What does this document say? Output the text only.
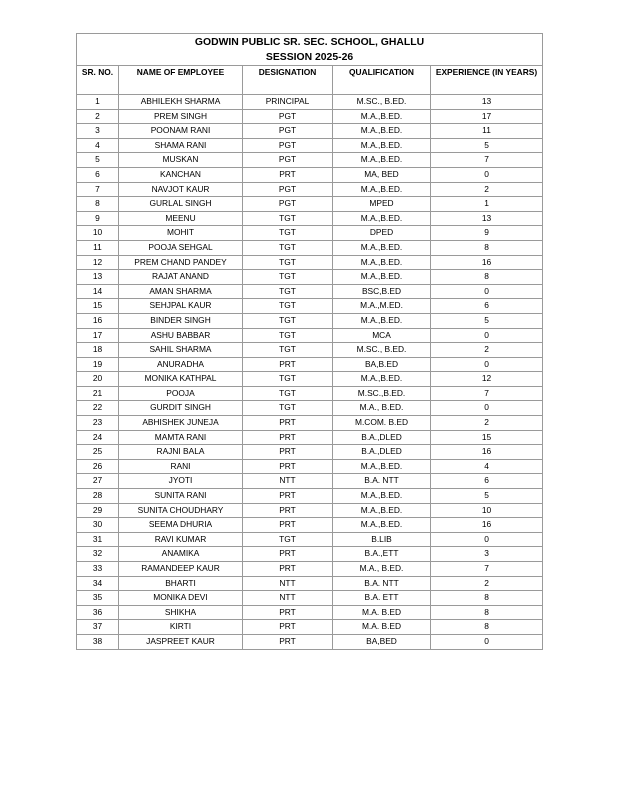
GODWIN PUBLIC SR. SEC. SCHOOL, GHALLU
SESSION 2025-26				

SR. NO.	NAME OF EMPLOYEE	DESIGNATION	QUALIFICATION	EXPERIENCE (IN YEARS)
1	ABHILEKH SHARMA	PRINCIPAL	M.SC., B.ED.	13
2	PREM SINGH	PGT	M.A.,B.ED.	17
3	POONAM RANI	PGT	M.A.,B.ED.	11
4	SHAMA RANI	PGT	M.A.,B.ED.	5
5	MUSKAN	PGT	M.A.,B.ED.	7
6	KANCHAN	PRT	MA, BED	0
7	NAVJOT KAUR	PGT	M.A.,B.ED.	2
8	GURLAL SINGH	PGT	MPED	1
9	MEENU	TGT	M.A.,B.ED.	13
10	MOHIT	TGT	DPED	9
11	POOJA SEHGAL	TGT	M.A.,B.ED.	8
12	PREM CHAND PANDEY	TGT	M.A.,B.ED.	16
13	RAJAT ANAND	TGT	M.A.,B.ED.	8
14	AMAN SHARMA	TGT	BSC,B.ED	0
15	SEHJPAL KAUR	TGT	M.A.,M.ED.	6
16	BINDER SINGH	TGT	M.A.,B.ED.	5
17	ASHU BABBAR	TGT	MCA	0
18	SAHIL SHARMA	TGT	M.SC., B.ED.	2
19	ANURADHA	PRT	BA,B.ED	0
20	MONIKA KATHPAL	TGT	M.A.,B.ED.	12
21	POOJA	TGT	M.SC.,B.ED.	7
22	GURDIT SINGH	TGT	M.A., B.ED.	0
23	ABHISHEK JUNEJA	PRT	M.COM. B.ED	2
24	MAMTA RANI	PRT	B.A.,DLED	15
25	RAJNI BALA	PRT	B.A.,DLED	16
26	RANI	PRT	M.A.,B.ED.	4
27	JYOTI	NTT	B.A. NTT	6
28	SUNITA RANI	PRT	M.A.,B.ED.	5
29	SUNITA CHOUDHARY	PRT	M.A.,B.ED.	10
30	SEEMA DHURIA	PRT	M.A.,B.ED.	16
31	RAVI KUMAR	TGT	B.LIB	0
32	ANAMIKA	PRT	B.A.,ETT	3
33	RAMANDEEP KAUR	PRT	M.A., B.ED.	7
34	BHARTI	NTT	B.A. NTT	2
35	MONIKA DEVI	NTT	B.A. ETT	8
36	SHIKHA	PRT	M.A. B.ED	8
37	KIRTI	PRT	M.A. B.ED	8
38	JASPREET KAUR	PRT	BA,BED	0
